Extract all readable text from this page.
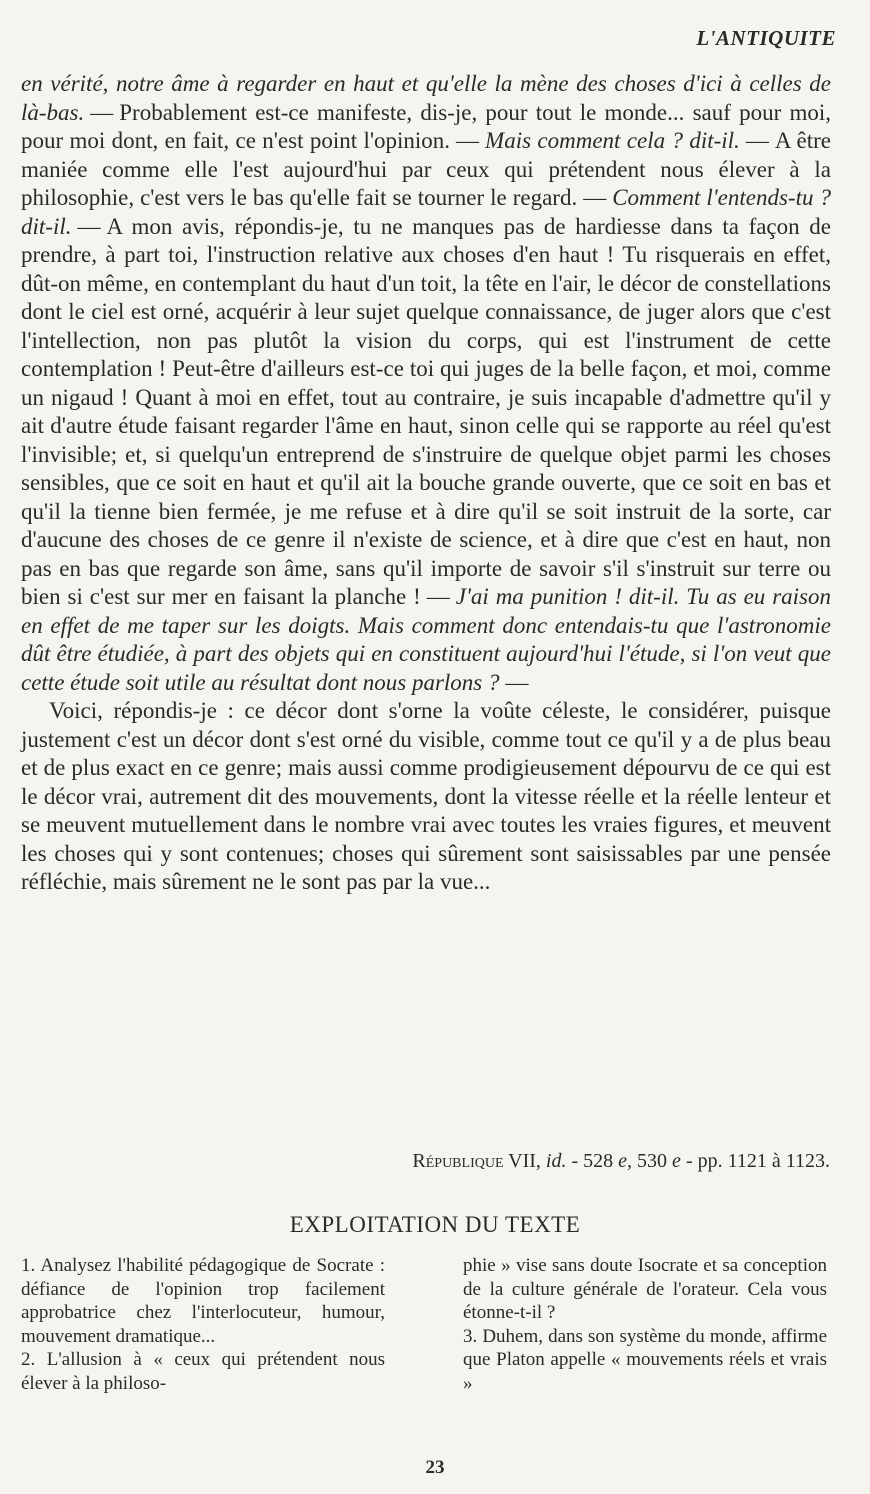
L'ANTIQUITE

en vérité, notre âme à regarder en haut et qu'elle la mène des choses d'ici à celles de là-bas. — Probablement est-ce manifeste, dis-je, pour tout le monde... sauf pour moi, pour moi dont, en fait, ce n'est point l'opinion. — Mais comment cela ? dit-il. — A être maniée comme elle l'est aujourd'hui par ceux qui prétendent nous élever à la philosophie, c'est vers le bas qu'elle fait se tourner le regard. — Comment l'entends-tu ? dit-il. — A mon avis, répondis-je, tu ne manques pas de hardiesse dans ta façon de prendre, à part toi, l'instruction relative aux choses d'en haut ! Tu risquerais en effet, dût-on même, en contemplant du haut d'un toit, la tête en l'air, le décor de constellations dont le ciel est orné, acquérir à leur sujet quelque connaissance, de juger alors que c'est l'intellection, non pas plutôt la vision du corps, qui est l'instrument de cette contemplation ! Peut-être d'ailleurs est-ce toi qui juges de la belle façon, et moi, comme un nigaud ! Quant à moi en effet, tout au contraire, je suis incapable d'admettre qu'il y ait d'autre étude faisant regarder l'âme en haut, sinon celle qui se rapporte au réel qu'est l'invisible; et, si quelqu'un entreprend de s'instruire de quelque objet parmi les choses sensibles, que ce soit en haut et qu'il ait la bouche grande ouverte, que ce soit en bas et qu'il la tienne bien fermée, je me refuse et à dire qu'il se soit instruit de la sorte, car d'aucune des choses de ce genre il n'existe de science, et à dire que c'est en haut, non pas en bas que regarde son âme, sans qu'il importe de savoir s'il s'instruit sur terre ou bien si c'est sur mer en faisant la planche ! — J'ai ma punition ! dit-il. Tu as eu raison en effet de me taper sur les doigts. Mais comment donc entendais-tu que l'astronomie dût être étudiée, à part des objets qui en constituent aujourd'hui l'étude, si l'on veut que cette étude soit utile au résultat dont nous parlons ? —

Voici, répondis-je : ce décor dont s'orne la voûte céleste, le considérer, puisque justement c'est un décor dont s'est orné du visible, comme tout ce qu'il y a de plus beau et de plus exact en ce genre; mais aussi comme prodigieusement dépourvu de ce qui est le décor vrai, autrement dit des mouvements, dont la vitesse réelle et la réelle lenteur et se meuvent mutuellement dans le nombre vrai avec toutes les vraies figures, et meuvent les choses qui y sont contenues; choses qui sûrement sont saisissables par une pensée réfléchie, mais sûrement ne le sont pas par la vue...

République VII, id. - 528 e, 530 e - pp. 1121 à 1123.
EXPLOITATION DU TEXTE

1. Analysez l'habilité pédagogique de Socrate : défiance de l'opinion trop facilement approbatrice chez l'interlocuteur, humour, mouvement dramatique...

2. L'allusion à « ceux qui prétendent nous élever à la philoso-

phie » vise sans doute Isocrate et sa conception de la culture générale de l'orateur. Cela vous étonne-t-il ?

3. Duhem, dans son système du monde, affirme que Platon appelle « mouvements réels et vrais »

23
